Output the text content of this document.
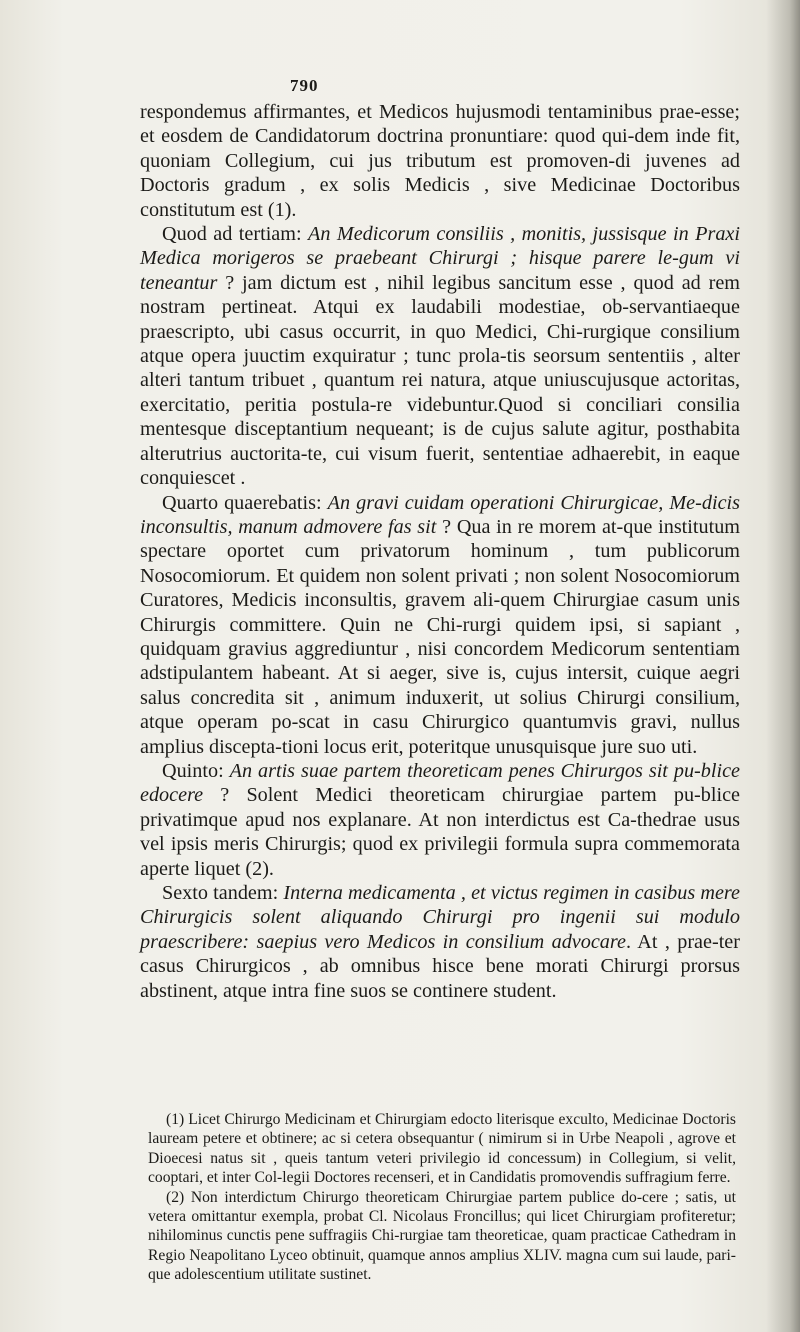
790

respondemus affirmantes, et Medicos hujusmodi tentaminibus prae-esse; et eosdem de Candidatorum doctrina pronuntiare: quod qui-dem inde fit, quoniam Collegium, cui jus tributum est promoven-di juvenes ad Doctoris gradum , ex solis Medicis , sive Medicinae Doctoribus constitutum est (1).

Quod ad tertiam: An Medicorum consiliis , monitis, jussisque in Praxi Medica morigeros se praebeant Chirurgi ; hisque parere le-gum vi teneantur ? jam dictum est , nihil legibus sancitum esse , quod ad rem nostram pertineat. Atqui ex laudabili modestiae, ob-servantiaeque praescripto, ubi casus occurrit, in quo Medici, Chi-rurgique consilium atque opera juuctim exquiratur ; tunc prola-tis seorsum sententiis , alter alteri tantum tribuet , quantum rei natura, atque uniuscujusque actoritas, exercitatio, peritia postula-re videbuntur.Quod si conciliari consilia mentesque disceptantium nequeant; is de cujus salute agitur, posthabita alterutrius auctorita-te, cui visum fuerit, sententiae adhaerebit, in eaque conquiescet .

Quarto quaerebatis: An gravi cuidam operationi Chirurgicae, Me-dicis inconsultis, manum admovere fas sit ? Qua in re morem at-que institutum spectare oportet cum privatorum hominum , tum publicorum Nosocomiorum. Et quidem non solent privati ; non solent Nosocomiorum Curatores, Medicis inconsultis, gravem ali-quem Chirurgiae casum unis Chirurgis committere. Quin ne Chi-rurgi quidem ipsi, si sapiant , quidquam gravius aggrediuntur , nisi concordem Medicorum sententiam adstipulantem habeant. At si aeger, sive is, cujus intersit, cuique aegri salus concredita sit , animum induxerit, ut solius Chirurgi consilium, atque operam po-scat in casu Chirurgico quantumvis gravi, nullus amplius discepta-tioni locus erit, poteritque unusquisque jure suo uti.

Quinto: An artis suae partem theoreticam penes Chirurgos sit pu-blice edocere ? Solent Medici theoreticam chirurgiae partem pu-blice privatimque apud nos explanare. At non interdictus est Ca-thedrae usus vel ipsis meris Chirurgis; quod ex privilegii formula supra commemorata aperte liquet (2).

Sexto tandem: Interna medicamenta , et victus regimen in casibus mere Chirurgicis solent aliquando Chirurgi pro ingenii sui modulo praescribere: saepius vero Medicos in consilium advocare. At , prae-ter casus Chirurgicos , ab omnibus hisce bene morati Chirurgi prorsus abstinent, atque intra fine suos se continere student.

(1) Licet Chirurgo Medicinam et Chirurgiam edocto literisque exculto, Medicinae Doctoris lauream petere et obtinere; ac si cetera obsequantur ( nimirum si in Urbe Neapoli , agrove et Dioecesi natus sit , queis tantum veteri privilegio id concessum) in Collegium, si velit, cooptari, et inter Col-legii Doctores recenseri, et in Candidatis promovendis suffragium ferre.

(2) Non interdictum Chirurgo theoreticam Chirurgiae partem publice do-cere ; satis, ut vetera omittantur exempla, probat Cl. Nicolaus Froncillus; qui licet Chirurgiam profiteretur; nihilominus cunctis pene suffragiis Chi-rurgiae tam theoreticae, quam practicae Cathedram in Regio Neapolitano Lyceo obtinuit, quamque annos amplius XLIV. magna cum sui laude, pari-que adolescentium utilitate sustinet.
